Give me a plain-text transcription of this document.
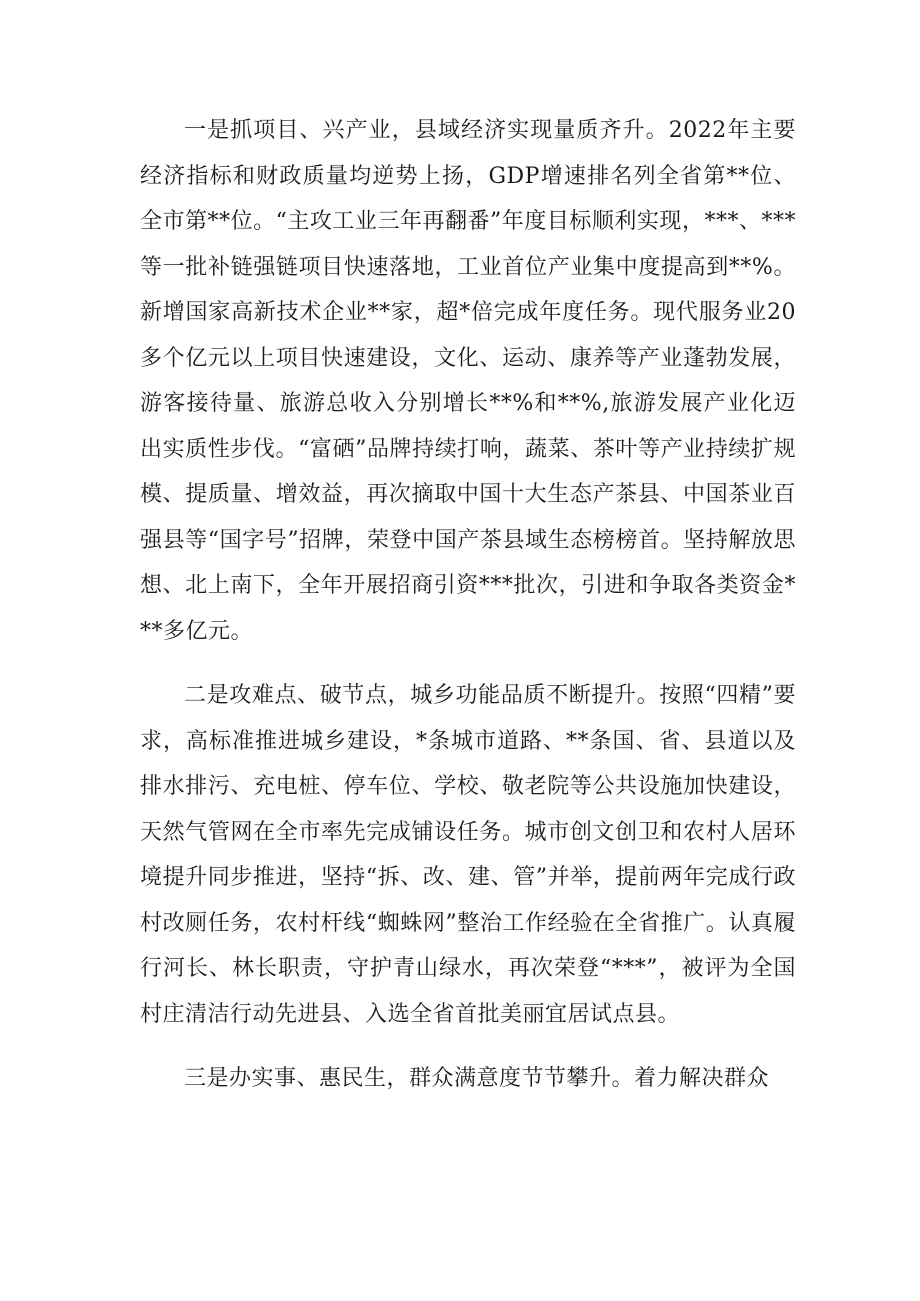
一是抓项目、兴产业，县域经济实现量质齐升。2022年主要经济指标和财政质量均逆势上扬，GDP增速排名列全省第**位、全市第**位。“主攻工业三年再翻番”年度目标顺利实现，***、***等一批补链强链项目快速落地，工业首位产业集中度提高到**%。新增国家高新技术企业**家，超*倍完成年度任务。现代服务业20多个亿元以上项目快速建设，文化、运动、康养等产业蓬勃发展，游客接待量、旅游总收入分别增长**%和**%,旅游发展产业化迈出实质性步伐。“富硒”品牌持续打响，蔬菜、茶叶等产业持续扩规模、提质量、增效益，再次摘取中国十大生态产茶县、中国茶业百强县等“国字号”招牌，荣登中国产茶县域生态榜榜首。坚持解放思想、北上南下，全年开展招商引资***批次，引进和争取各类资金***多亿元。

二是攻难点、破节点，城乡功能品质不断提升。按照“四精”要求，高标准推进城乡建设，*条城市道路、**条国、省、县道以及排水排污、充电桩、停车位、学校、敬老院等公共设施加快建设，天然气管网在全市率先完成铺设任务。城市创文创卫和农村人居环境提升同步推进，坚持“拆、改、建、管”并举，提前两年完成行政村改厕任务，农村杆线“蜘蛛网”整治工作经验在全省推广。认真履行河长、林长职责，守护青山绿水，再次荣登“***”，被评为全国村庄清洁行动先进县、入选全省首批美丽宜居试点县。

三是办实事、惠民生，群众满意度节节攀升。着力解决群众
